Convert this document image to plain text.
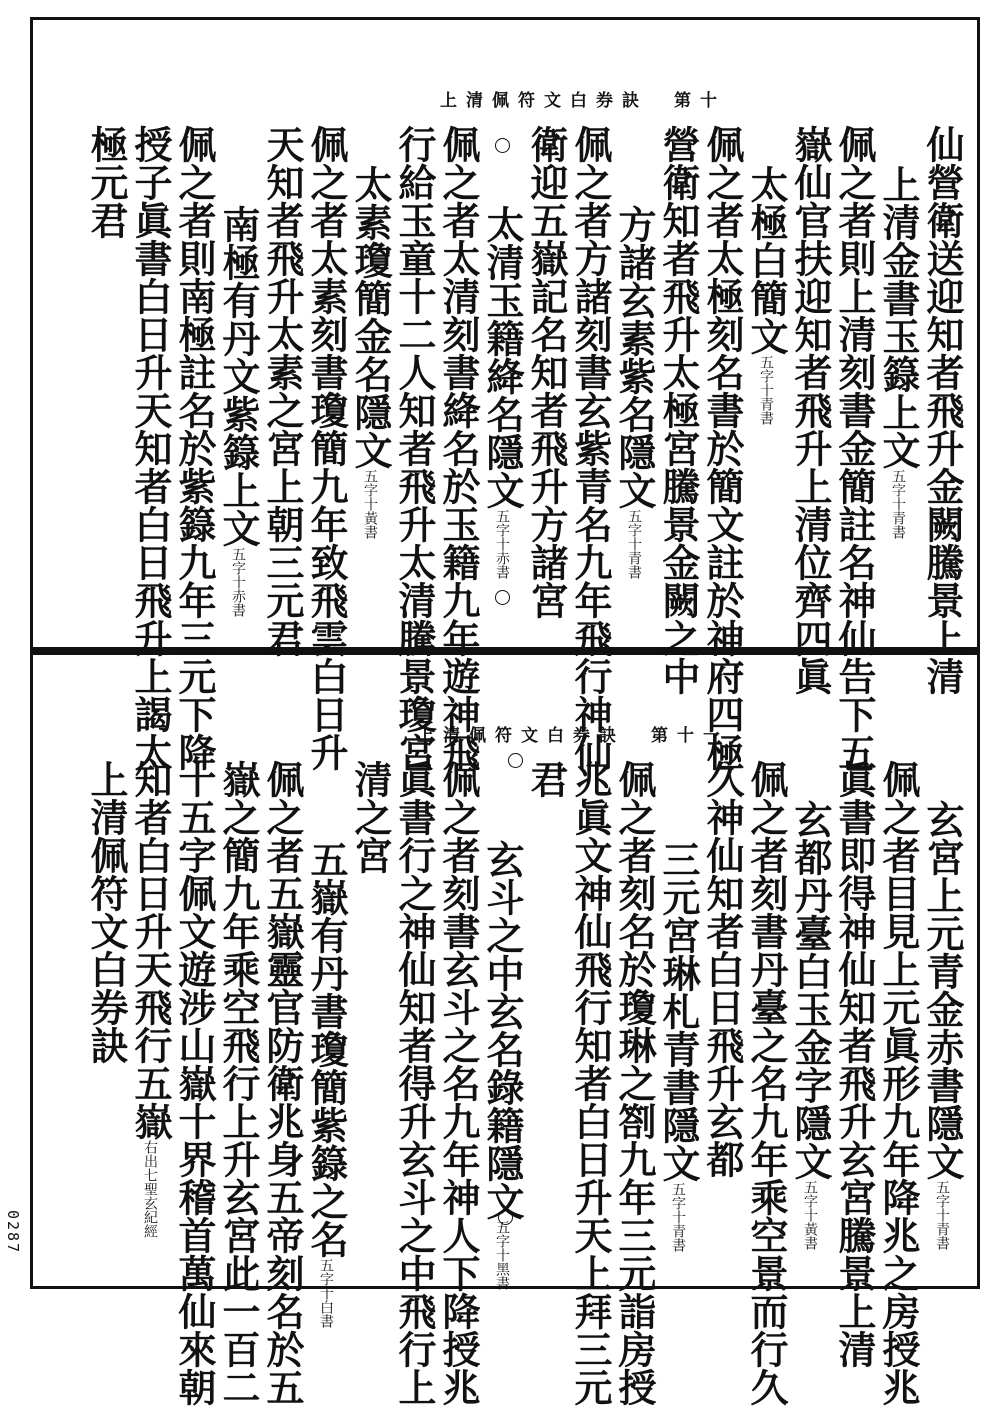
上清佩符文白券訣　第十
仙營衛送迎知者飛升金闕騰景上清
上清金書玉籙上文五字十青書
佩之者則上清刻書金簡註名神仙告下五
嶽仙官扶迎知者飛升上清位齊四眞
太極白簡文五字十青書
佩之者太極刻名書於簡文註於神府四極
營衛知者飛升太極宮騰景金闕之中
方諸玄素紫名隱文五字十青書
佩之者方諸刻書玄紫青名九年飛行神仙
衛迎五嶽記名知者飛升方諸宮
太清玉籍絳名隱文五字十赤書
佩之者太清刻書絳名於玉籍九年遊神飛
行給玉童十二人知者飛升太清騰景瓊宮
太素瓊簡金名隱文五字十黃書
佩之者太素刻書瓊簡九年致飛雲白日升
天知者飛升太素之宮上朝三元君
南極有丹文紫籙上文五字十赤書
佩之者則南極註名於紫籙九年三元下降
授子眞書白日升天知者白日飛升上謁太
極元君
上清佩符文白券訣　第十一
玄宮上元青金赤書隱文五字十青書
佩之者目見上元眞形九年降兆之房授兆
眞書即得神仙知者飛升玄宮騰景上清
玄都丹臺白玉金字隱文五字十黃書
佩之者刻書丹臺之名九年乘空景而行久
久神仙知者白日飛升玄都
三元宮琳札青書隱文五字十青書
佩之者刻名於瓊琳之劄九年三元詣房授
兆眞文神仙飛行知者白日升天上拜三元
君
玄斗之中玄名錄籍隱文五字十黑書
佩之者刻書玄斗之名九年神人下降授兆
眞書行之神仙知者得升玄斗之中飛行上
清之宮
五嶽有丹書瓊簡紫籙之名五字十白書
佩之者五嶽靈官防衛兆身五帝刻名於五
嶽之簡九年乘空飛行上升玄宮此一百二
十五字佩文遊涉山嶽十界稽首萬仙來朝
知者白日升天飛行五嶽右出七聖玄紀經
上清佩符文白券訣
0287
